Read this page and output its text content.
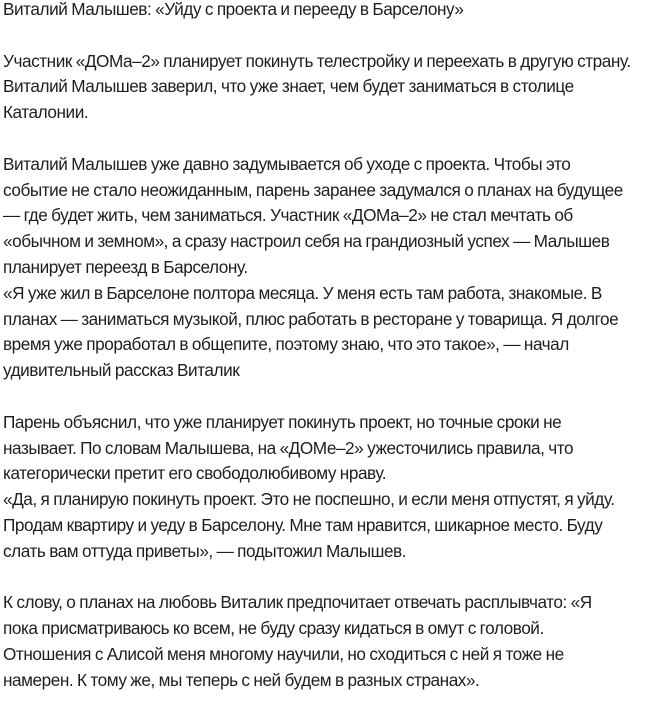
Виталий Малышев: «Уйду с проекта и перееду в Барселону»

Участник «ДОМа–2» планирует покинуть телестройку и переехать в другую страну.
Виталий Малышев заверил, что уже знает, чем будет заниматься в столице
Каталонии.

Виталий Малышев уже давно задумывается об уходе с проекта. Чтобы это
событие не стало неожиданным, парень заранее задумался о планах на будущее
— где будет жить, чем заниматься. Участник «ДОМа–2» не стал мечтать об
«обычном и земном», а сразу настроил себя на грандиозный успех — Малышев
планирует переезд в Барселону.
«Я уже жил в Барселоне полтора месяца. У меня есть там работа, знакомые. В
планах — заниматься музыкой, плюс работать в ресторане у товарища. Я долгое
время уже проработал в общепите, поэтому знаю, что это такое», — начал
удивительный рассказ Виталик

Парень объяснил, что уже планирует покинуть проект, но точные сроки не
называет. По словам Малышева, на «ДОМе–2» ужесточились правила, что
категорически претит его свободолюбивому нраву.
«Да, я планирую покинуть проект. Это не поспешно, и если меня отпустят, я уйду.
Продам квартиру и уеду в Барселону. Мне там нравится, шикарное место. Буду
слать вам оттуда приветы», — подытожил Малышев.

К слову, о планах на любовь Виталик предпочитает отвечать расплывчато: «Я
пока присматриваюсь ко всем, не буду сразу кидаться в омут с головой.
Отношения с Алисой меня многому научили, но сходиться с ней я тоже не
намерен. К тому же, мы теперь с ней будем в разных странах».
